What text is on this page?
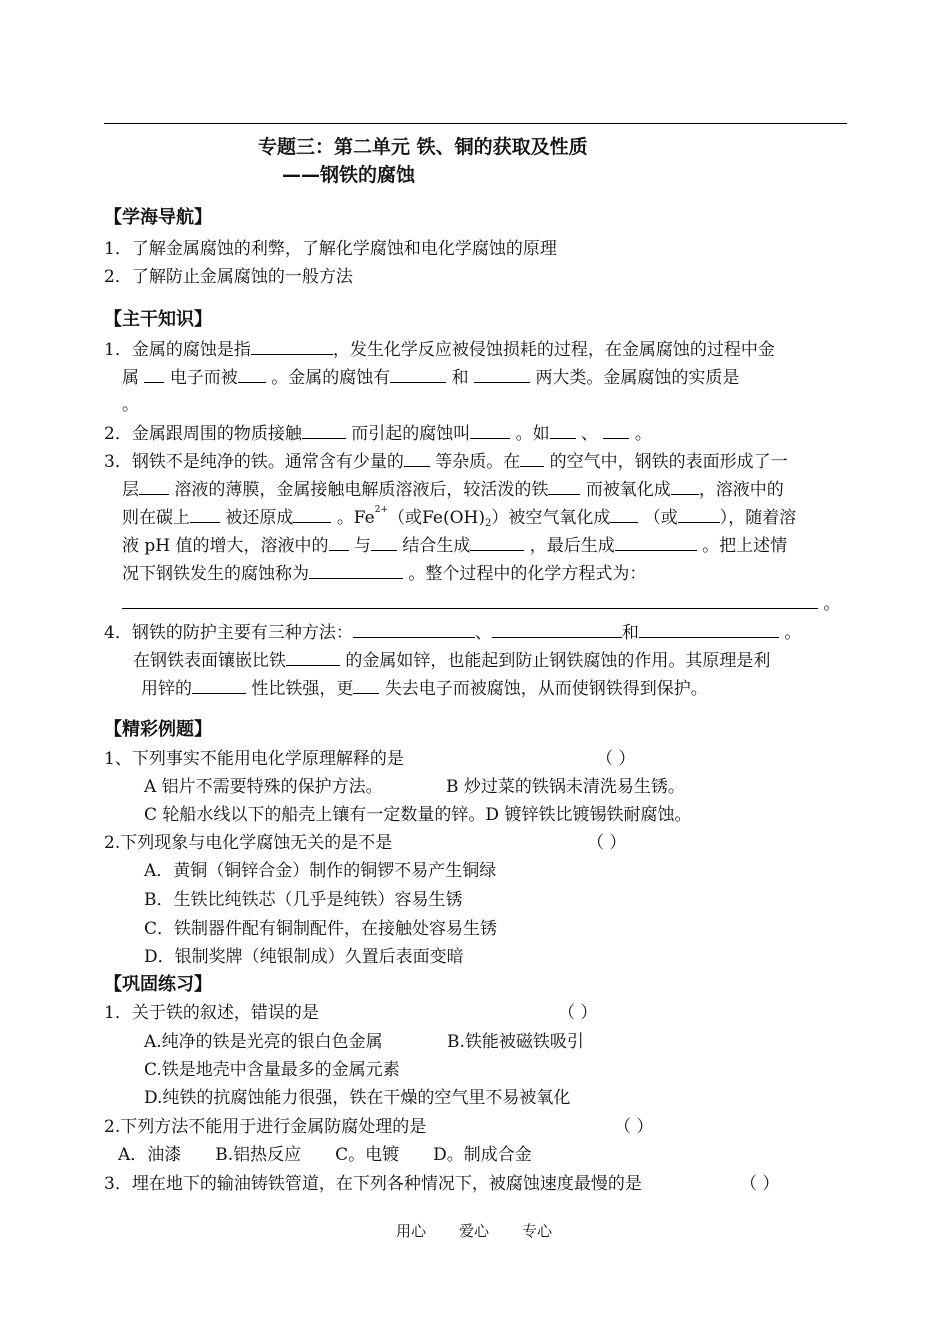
专题三：第二单元 铁、铜的获取及性质
——钢铁的腐蚀
【学海导航】
1．了解金属腐蚀的利弊，了解化学腐蚀和电化学腐蚀的原理
2．了解防止金属腐蚀的一般方法
【主干知识】
1．金属的腐蚀是指	，发生化学反应被侵蚀损耗的过程，在金属腐蚀的过程中金
属 电子而被 。金属的腐蚀有	和	两大类。金属腐蚀的实质是
。
2．金属跟周围的物质接触	而引起的腐蚀叫	。如 、 。
3．钢铁不是纯净的铁。通常含有少量的 等杂质。在 的空气中，钢铁的表面形成了一
层 溶液的薄膜，金属接触电解质溶液后，较活泼的铁 而被氧化成 ，溶液中的
则在碳上 被还原成	。$Fe^{2+}$（或Fe(OH)2）被空气氧化成 （或 ），随着溶
液 pH 值的增大，溶液中的 与 结合生成	，最后生成	。把上述情
况下钢铁发生的腐蚀称为	。整个过程中的化学方程式为：
。
4．钢铁的防护主要有三种方法：	、	和	。
在钢铁表面镶嵌比铁	的金属如锌，也能起到防止钢铁腐蚀的作用。其原理是利
用锌的	性比铁强，更 失去电子而被腐蚀，从而使钢铁得到保护。
【精彩例题】
1、下列事实不能用电化学原理解释的是	（ ）
A 铝片不需要特殊的保护方法。	B 炒过菜的铁锅未清洗易生锈。
C 轮船水线以下的船壳上镶有一定数量的锌。D 镀锌铁比镀锡铁耐腐蚀。
2.下列现象与电化学腐蚀无关的是不是	（ ）
A．黄铜（铜锌合金）制作的铜锣不易产生铜绿
B．生铁比纯铁芯（几乎是纯铁）容易生锈
C．铁制器件配有铜制配件，在接触处容易生锈
D．银制奖牌（纯银制成）久置后表面变暗
【巩固练习】
1．关于铁的叙述，错误的是	（ ）
A.纯净的铁是光亮的银白色金属	B.铁能被磁铁吸引
C.铁是地壳中含量最多的金属元素
D.纯铁的抗腐蚀能力很强，铁在干燥的空气里不易被氧化
2.下列方法不能用于进行金属防腐处理的是	（ ）
A．油漆　　B.铝热反应　　C。电镀　　D。制成合金
3．埋在地下的输油铸铁管道，在下列各种情况下，被腐蚀速度最慢的是	（ ）
用心 爱心 专心
